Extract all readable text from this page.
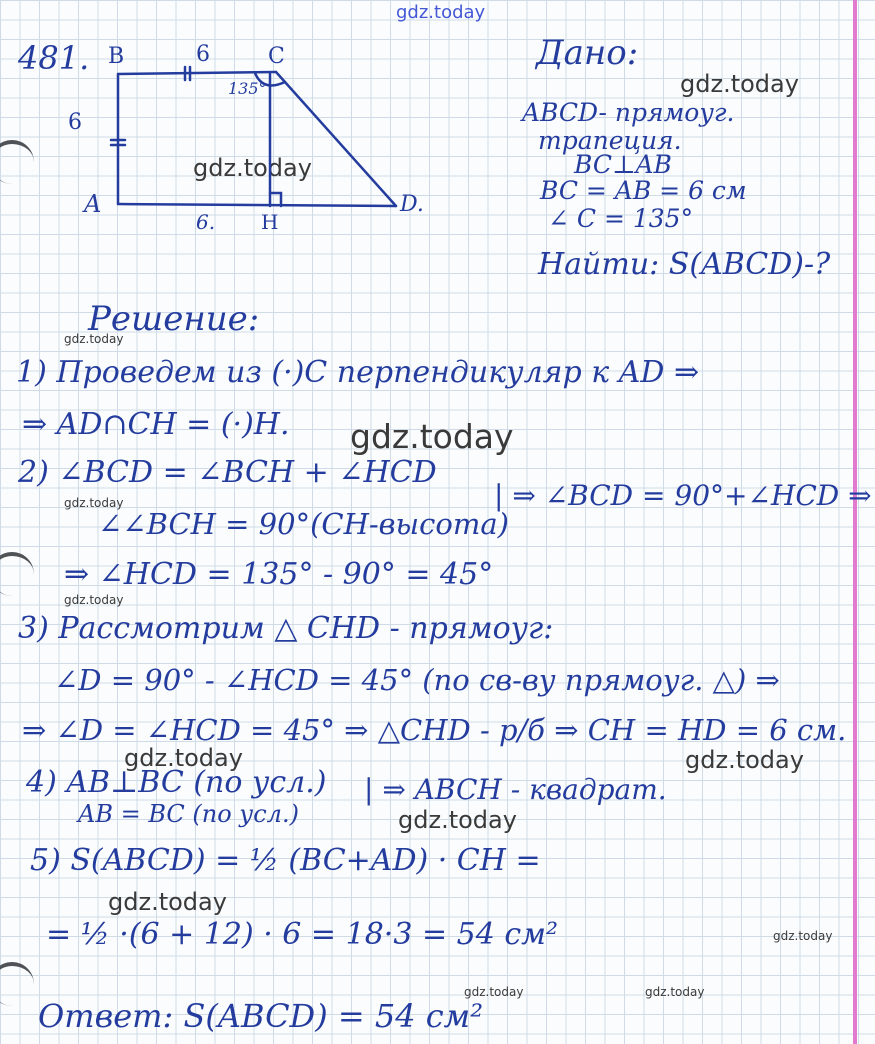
gdz.today
gdz.today
gdz.today
gdz.today
gdz.today
gdz.today
gdz.today
gdz.today	gdz.today
gdz.today
gdz.today
gdz.today
gdz.today	gdz.today
481. B	6	C
135°
6
A
6. H
D.
Дано:
ABCD- прямоуг.
трапеция.
BC⊥AB
BC = AB = 6 см
∠ C = 135°
Найти: S(ABCD)-?
Решение:
1) Проведем из (·)C перпендикуляр к AD ⇒
⇒ AD∩CH = (·)H.
2) ∠BCD = ∠BCH + ∠HCD
∠∠BCH = 90°(CH-высота)
| ⇒ ∠BCD = 90°+∠HCD ⇒
⇒ ∠HCD = 135° - 90° = 45°
3) Рассмотрим △ CHD - прямоуг:
∠D = 90° - ∠HCD = 45° (по св-ву прямоуг. △) ⇒
⇒ ∠D = ∠HCD = 45° ⇒ △CHD - р/б ⇒ CH = HD = 6 см.
4) AB⊥BC (по усл.)
AB = BC (по усл.)
| ⇒ ABCH - квадрат.
5) S(ABCD) = ½ (BC+AD) · CH =
= ½ ·(6 + 12) · 6 = 18·3 = 54 см²
Ответ: S(ABCD) = 54 см²
